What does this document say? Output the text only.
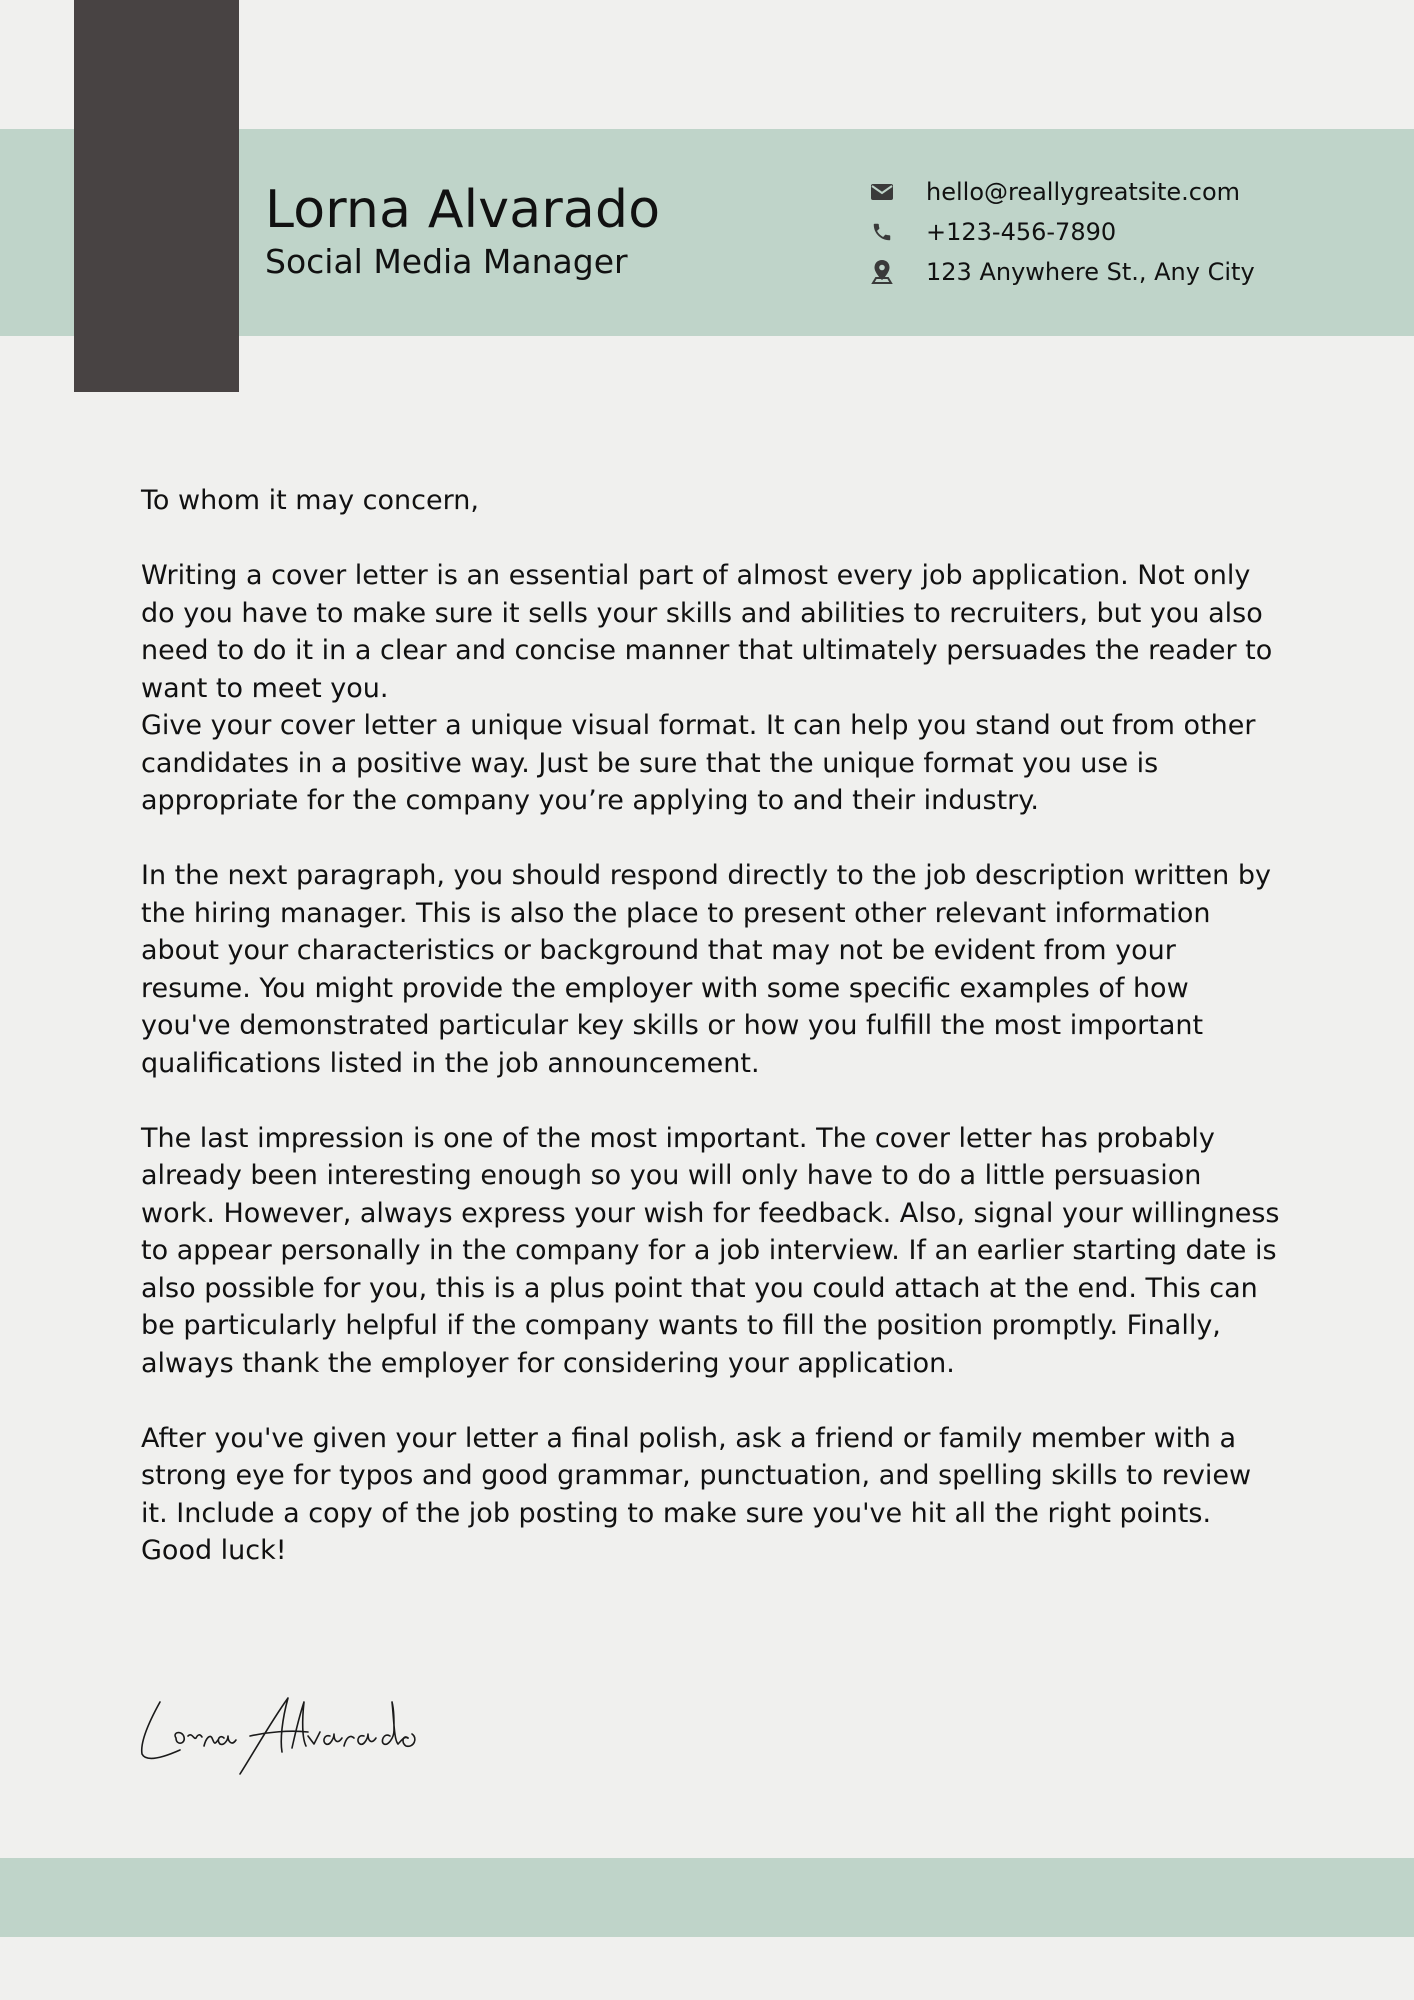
Lorna Alvarado
Social Media Manager
hello@reallygreatsite.com
+123-456-7890
123 Anywhere St., Any City

To whom it may concern,

Writing a cover letter is an essential part of almost every job application. Not only do you have to make sure it sells your skills and abilities to recruiters, but you also need to do it in a clear and concise manner that ultimately persuades the reader to want to meet you.

Give your cover letter a unique visual format. It can help you stand out from other candidates in a positive way. Just be sure that the unique format you use is appropriate for the company you’re applying to and their industry.

In the next paragraph, you should respond directly to the job description written by the hiring manager. This is also the place to present other relevant information about your characteristics or background that may not be evident from your resume. You might provide the employer with some specific examples of how you've demonstrated particular key skills or how you fulfill the most important qualifications listed in the job announcement.

The last impression is one of the most important. The cover letter has probably already been interesting enough so you will only have to do a little persuasion work. However, always express your wish for feedback. Also, signal your willingness to appear personally in the company for a job interview. If an earlier starting date is also possible for you, this is a plus point that you could attach at the end. This can be particularly helpful if the company wants to fill the position promptly. Finally, always thank the employer for considering your application.

After you've given your letter a final polish, ask a friend or family member with a strong eye for typos and good grammar, punctuation, and spelling skills to review it. Include a copy of the job posting to make sure you've hit all the right points. Good luck!
